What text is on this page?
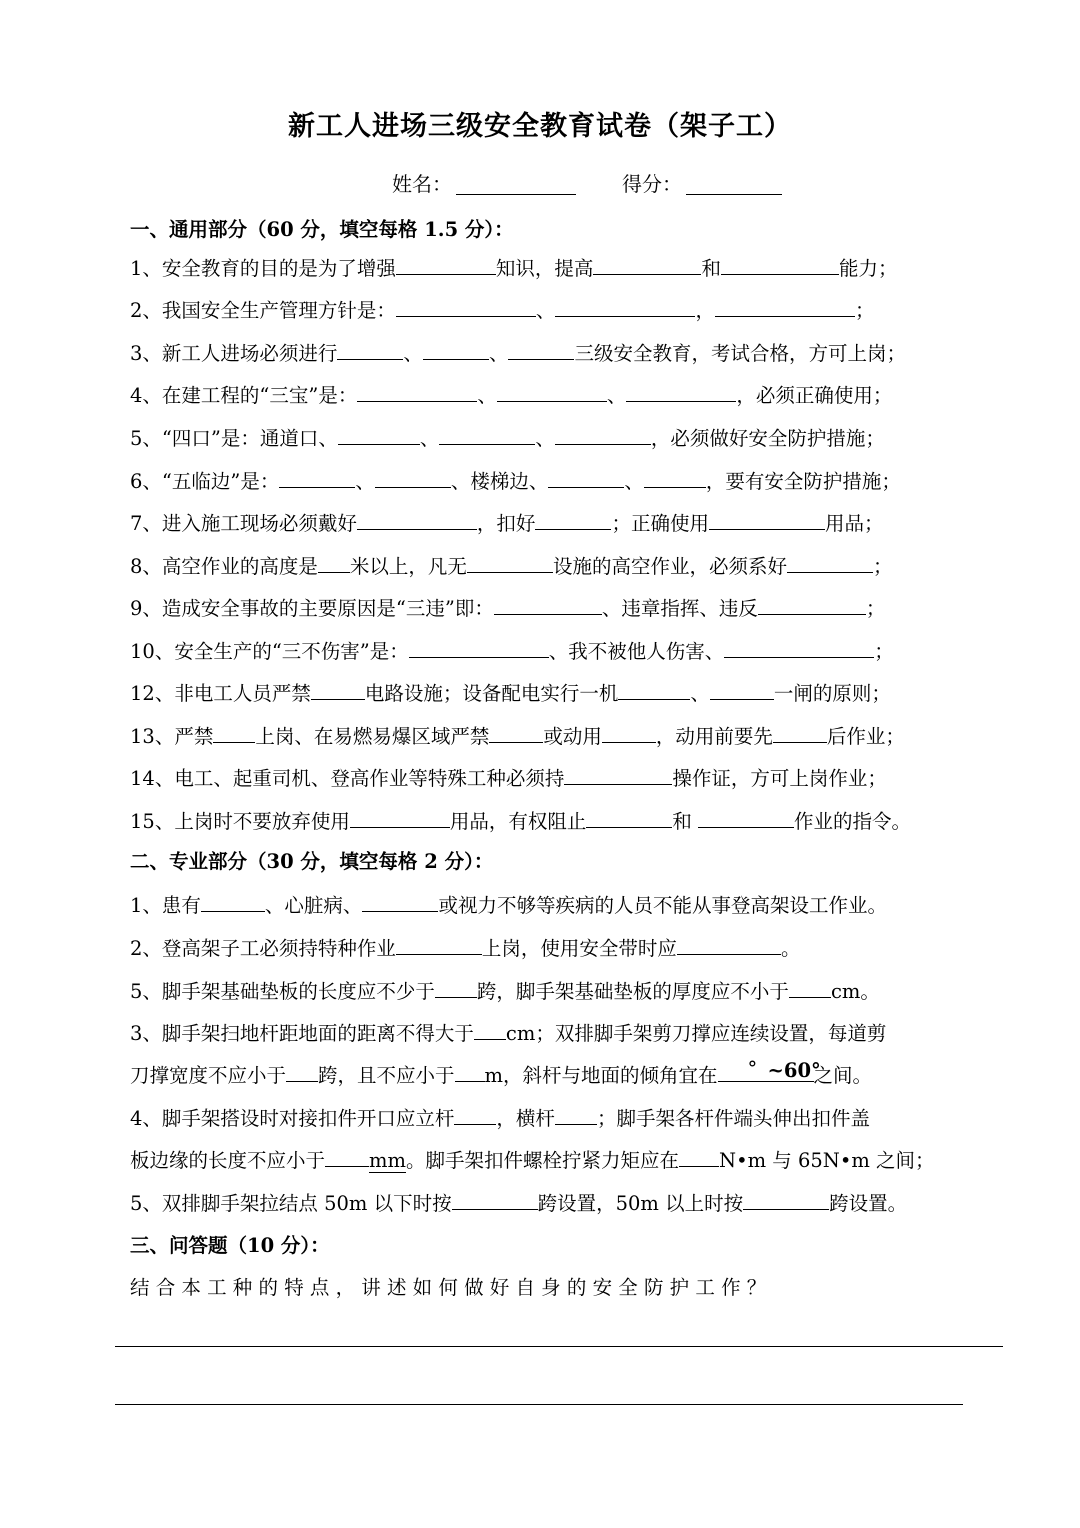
新工人进场三级安全教育试卷（架子工）
姓名：	得分：
一、通用部分（60 分，填空每格 1.5 分）：
1、安全教育的目的是为了增强	知识，提高	和	能力；
2、我国安全生产管理方针是：	、	，	；
3、新工人进场必须进行	、	、	三级安全教育，考试合格，方可上岗；
4、在建工程的“三宝”是：	、	、	，必须正确使用；
5、“四口”是：通道口、	、	、	，必须做好安全防护措施；
6、“五临边”是：	、	、楼梯边、	、	，要有安全防护措施；
7、进入施工现场必须戴好	，扣好	；正确使用	用品；
8、高空作业的高度是 米以上，凡无	设施的高空作业，必须系好	；
9、造成安全事故的主要原因是“三违”即：	、违章指挥、违反	；
10、安全生产的“三不伤害”是：	、我不被他人伤害、	；
12、非电工人员严禁	电路设施；设备配电实行一机	、	一闸的原则；
13、严禁 上岗、在易燃易爆区域严禁	或动用	，动用前要先	后作业；
14、电工、起重司机、登高作业等特殊工种必须持	操作证，方可上岗作业；
15、上岗时不要放弃使用	用品，有权阻止	和	作业的指令。
二、专业部分（30 分，填空每格 2 分）：
1、患有	、心脏病、	或视力不够等疾病的人员不能从事登高架设工作业。
2、登高架子工必须持特种作业	上岗，使用安全带时应	。
5、脚手架基础垫板的长度应不少于 跨，脚手架基础垫板的厚度应不小于 cm。
3、脚手架扫地杆距地面的距离不得大于 cm；双排脚手架剪刀撑应连续设置，每道剪
刀撑宽度不应小于 跨，且不应小于 m，斜杆与地面的倾角宜在 ° ~60°
之间。
4、脚手架搭设时对接扣件开口应立杆 ，横杆 ；脚手架各杆件端头伸出扣件盖
板边缘的长度不应小于 mm。脚手架扣件螺栓拧紧力矩应在 N•m 与 65N•m 之间；
5、双排脚手架拉结点 50m 以下时按	跨设置，50m 以上时按	跨设置。
三、问答题（10 分）：
结 合 本 工 种 的 特 点 ， 讲 述 如 何 做 好 自 身 的 安 全 防 护 工 作 ？
